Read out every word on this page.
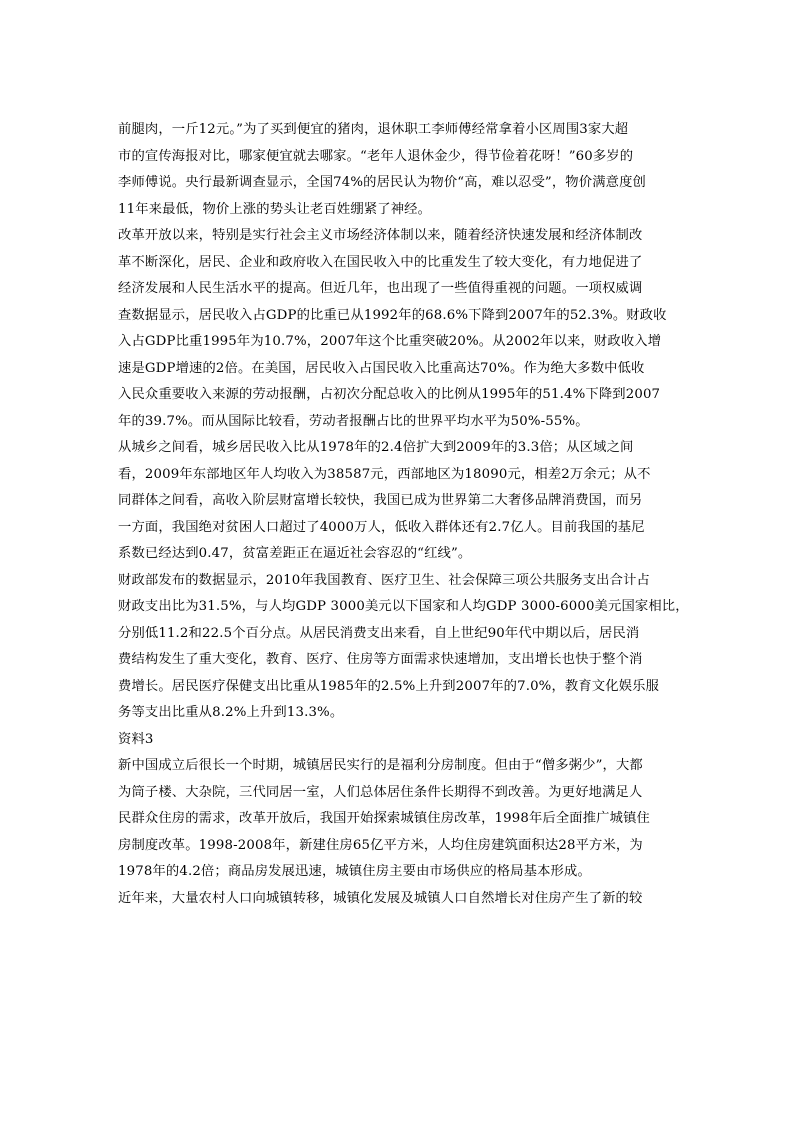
前腿肉，一斤12元。”为了买到便宜的猪肉，退休职工李师傅经常拿着小区周围3家大超
市的宣传海报对比，哪家便宜就去哪家。“老年人退休金少，得节俭着花呀！”60多岁的
李师傅说。央行最新调查显示，全国74%的居民认为物价“高，难以忍受”，物价满意度创
11年来最低，物价上涨的势头让老百姓绷紧了神经。
改革开放以来，特别是实行社会主义市场经济体制以来，随着经济快速发展和经济体制改
革不断深化，居民、企业和政府收入在国民收入中的比重发生了较大变化，有力地促进了
经济发展和人民生活水平的提高。但近几年，也出现了一些值得重视的问题。一项权威调
查数据显示，居民收入占GDP的比重已从1992年的68.6%下降到2007年的52.3%。财政收
入占GDP比重1995年为10.7%，2007年这个比重突破20%。从2002年以来，财政收入增
速是GDP增速的2倍。在美国，居民收入占国民收入比重高达70%。作为绝大多数中低收
入民众重要收入来源的劳动报酬，占初次分配总收入的比例从1995年的51.4%下降到2007
年的39.7%。而从国际比较看，劳动者报酬占比的世界平均水平为50%-55%。
从城乡之间看，城乡居民收入比从1978年的2.4倍扩大到2009年的3.3倍；从区域之间
看，2009年东部地区年人均收入为38587元，西部地区为18090元，相差2万余元；从不
同群体之间看，高收入阶层财富增长较快，我国已成为世界第二大奢侈品牌消费国，而另
一方面，我国绝对贫困人口超过了4000万人，低收入群体还有2.7亿人。目前我国的基尼
系数已经达到0.47，贫富差距正在逼近社会容忍的“红线”。
财政部发布的数据显示，2010年我国教育、医疗卫生、社会保障三项公共服务支出合计占
财政支出比为31.5%，与人均GDP 3000美元以下国家和人均GDP 3000-6000美元国家相比，
分别低11.2和22.5个百分点。从居民消费支出来看，自上世纪90年代中期以后，居民消
费结构发生了重大变化，教育、医疗、住房等方面需求快速增加，支出增长也快于整个消
费增长。居民医疗保健支出比重从1985年的2.5%上升到2007年的7.0%，教育文化娱乐服
务等支出比重从8.2%上升到13.3%。
资料3
新中国成立后很长一个时期，城镇居民实行的是福利分房制度。但由于“僧多粥少”，大都
为筒子楼、大杂院，三代同居一室，人们总体居住条件长期得不到改善。为更好地满足人
民群众住房的需求，改革开放后，我国开始探索城镇住房改革，1998年后全面推广城镇住
房制度改革。1998-2008年，新建住房65亿平方米，人均住房建筑面积达28平方米，为
1978年的4.2倍；商品房发展迅速，城镇住房主要由市场供应的格局基本形成。
近年来，大量农村人口向城镇转移，城镇化发展及城镇人口自然增长对住房产生了新的较
